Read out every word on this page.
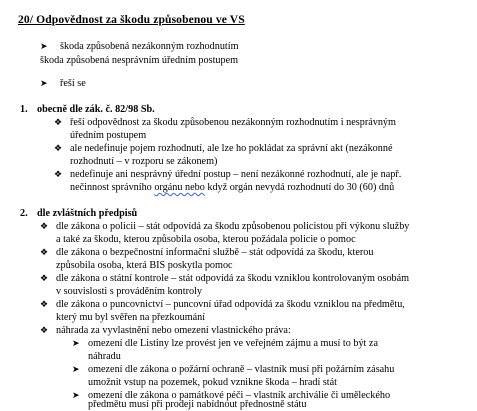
20/ Odpovědnost za škodu způsobenou ve VS
➤ škoda způsobená nezákonným rozhodnutím
škoda způsobená nesprávním úředním postupem
➤ řeší se
1. obecně dle zák. č. 82/98 Sb.
❖ řeší odpovědnost za škodu způsobenou nezákonným rozhodnutím i nesprávným
úředním postupem
❖ ale nedefinuje pojem rozhodnutí, ale lze ho pokládat za správní akt (nezákonné
rozhodnutí – v rozporu se zákonem)
❖ nedefinuje ani nesprávný úřední postup – není nezákonné rozhodnutí, ale je např.
nečinnost správního orgánu nebo když orgán nevydá rozhodnutí do 30 (60) dnů
2. dle zvláštních předpisů
❖ dle zákona o policii – stát odpovídá za škodu způsobenou policistou při výkonu služby
a také za škodu, kterou způsobila osoba, kterou požádala policie o pomoc
❖ dle zákona o bezpečnostní informační službě – stát odpovídá za škodu, kterou
způsobila osoba, která BIS poskytla pomoc
❖ dle zákona o státní kontrole – stát odpovídá za škodu vzniklou kontrolovaným osobám
v souvislosti s prováděním kontroly
❖ dle zákona o puncovnictví – puncovní úřad odpovídá za škodu vzniklou na předmětu,
který mu byl svěřen na přezkoumání
❖ náhrada za vyvlastnění nebo omezení vlastnického práva:
➤ omezení dle Listiny lze provést jen ve veřejném zájmu a musí to být za
náhradu
➤ omezení dle zákona o požární ochraně – vlastník musí při požárním zásahu
umožnit vstup na pozemek, pokud vznikne škoda – hradí stát
➤ omezení dle zákona o památkové péči – vlastník archiválie či uměleckého
předmětu musí při prodeji nabídnout přednostně státu
